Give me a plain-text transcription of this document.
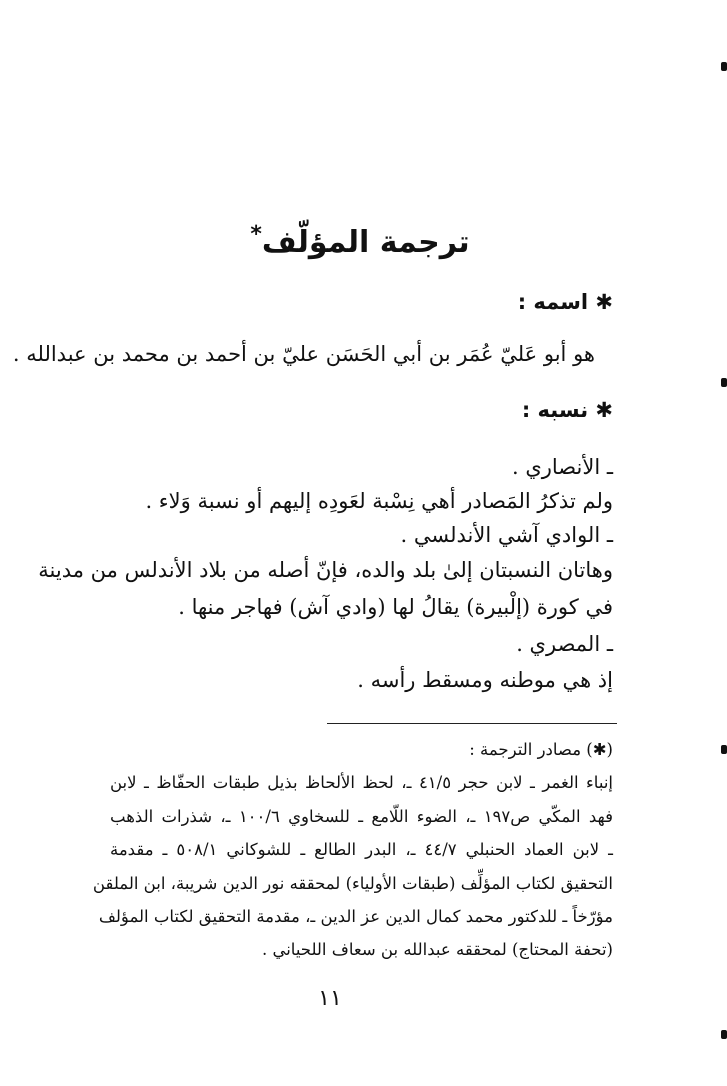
ترجمة المؤلّف*
✱ اسمه :
هو أبو عَليّ عُمَر بن أبي الحَسَن عليّ بن أحمد بن محمد بن عبدالله .
✱ نسبه :
ـ الأنصاري .
ولم تذكرُ المَصادر أهي نِسْبة لعَودِه إليهم أو نسبة وَلاء .
ـ الوادي آشي الأندلسي .
وهاتان النسبتان إلىٰ بلد والده، فإنّ أصله من بلاد الأندلس من مدينة
في كورة (إلْبيرة) يقالُ لها (وادي آش) فهاجر منها .
ـ المصري .
إذ هي موطنه ومسقط رأسه .
(✱) مصادر الترجمة :
إنباء الغمر ـ لابن حجر ٤١/٥ ـ، لحظ الألحاظ بذيل طبقات الحفّاظ ـ لابن
فهد المكّي ص١٩٧ ـ، الضوء اللّامع ـ للسخاوي ١٠٠/٦ ـ، شذرات الذهب
ـ لابن العماد الحنبلي ٤٤/٧ ـ، البدر الطالع ـ للشوكاني ٥٠٨/١ ـ مقدمة
التحقيق لكتاب المؤلِّف (طبقات الأولياء) لمحققه نور الدين شريبة، ابن الملقن
مؤرّخاً ـ للدكتور محمد كمال الدين عز الدين ـ، مقدمة التحقيق لكتاب المؤلف
(تحفة المحتاج) لمحققه عبدالله بن سعاف اللحياني .
١١
